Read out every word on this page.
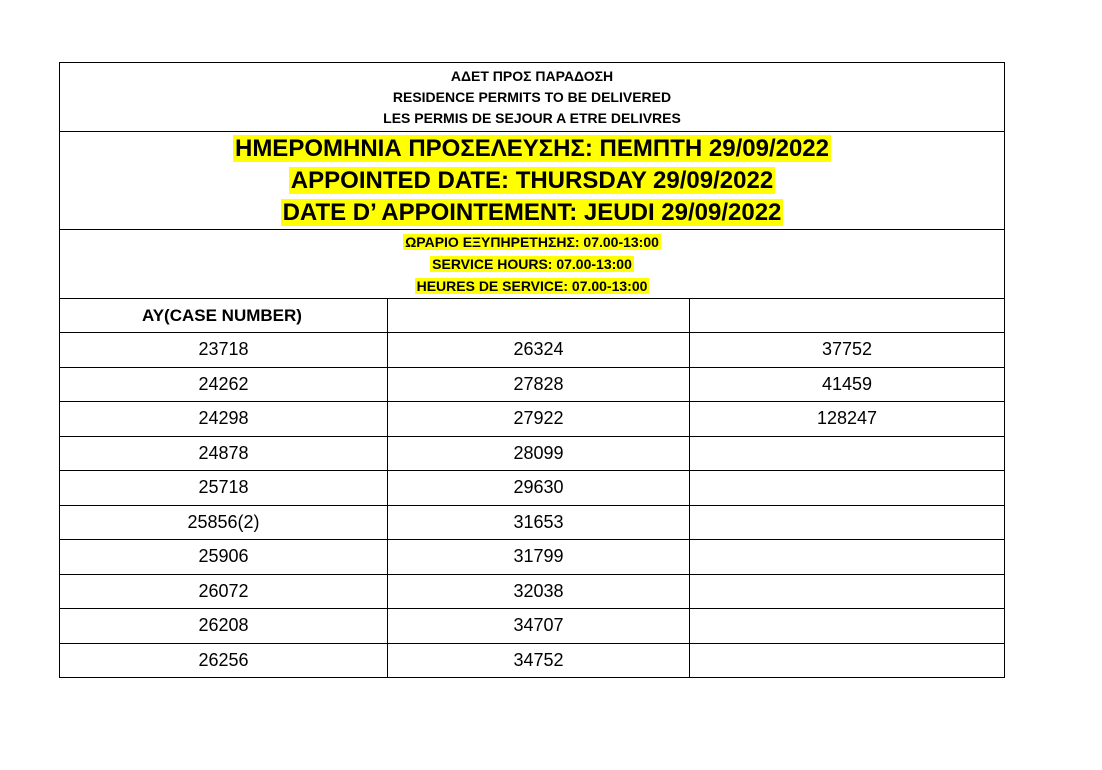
ΑΔΕΤ ΠΡΟΣ ΠΑΡΑΔΟΣΗ
RESIDENCE PERMITS TO BE DELIVERED
LES PERMIS DE SEJOUR A ETRE DELIVRES		

ΗΜΕΡΟΜΗΝΙΑ ΠΡΟΣΕΛΕΥΣΗΣ: ΠΕΜΠΤΗ 29/09/2022
APPOINTED DATE: THURSDAY 29/09/2022
DATE D’ APPOINTEMENT: JEUDI 29/09/2022		

ΩΡΑΡΙΟ ΕΞΥΠΗΡΕΤΗΣΗΣ: 07.00-13:00
SERVICE HOURS: 07.00-13:00
HEURES DE SERVICE: 07.00-13:00		

AY(CASE NUMBER)		
23718	26324	37752
24262	27828	41459
24298	27922	128247
24878	28099	
25718	29630	
25856(2)	31653	
25906	31799	
26072	32038	
26208	34707	
26256	34752	
